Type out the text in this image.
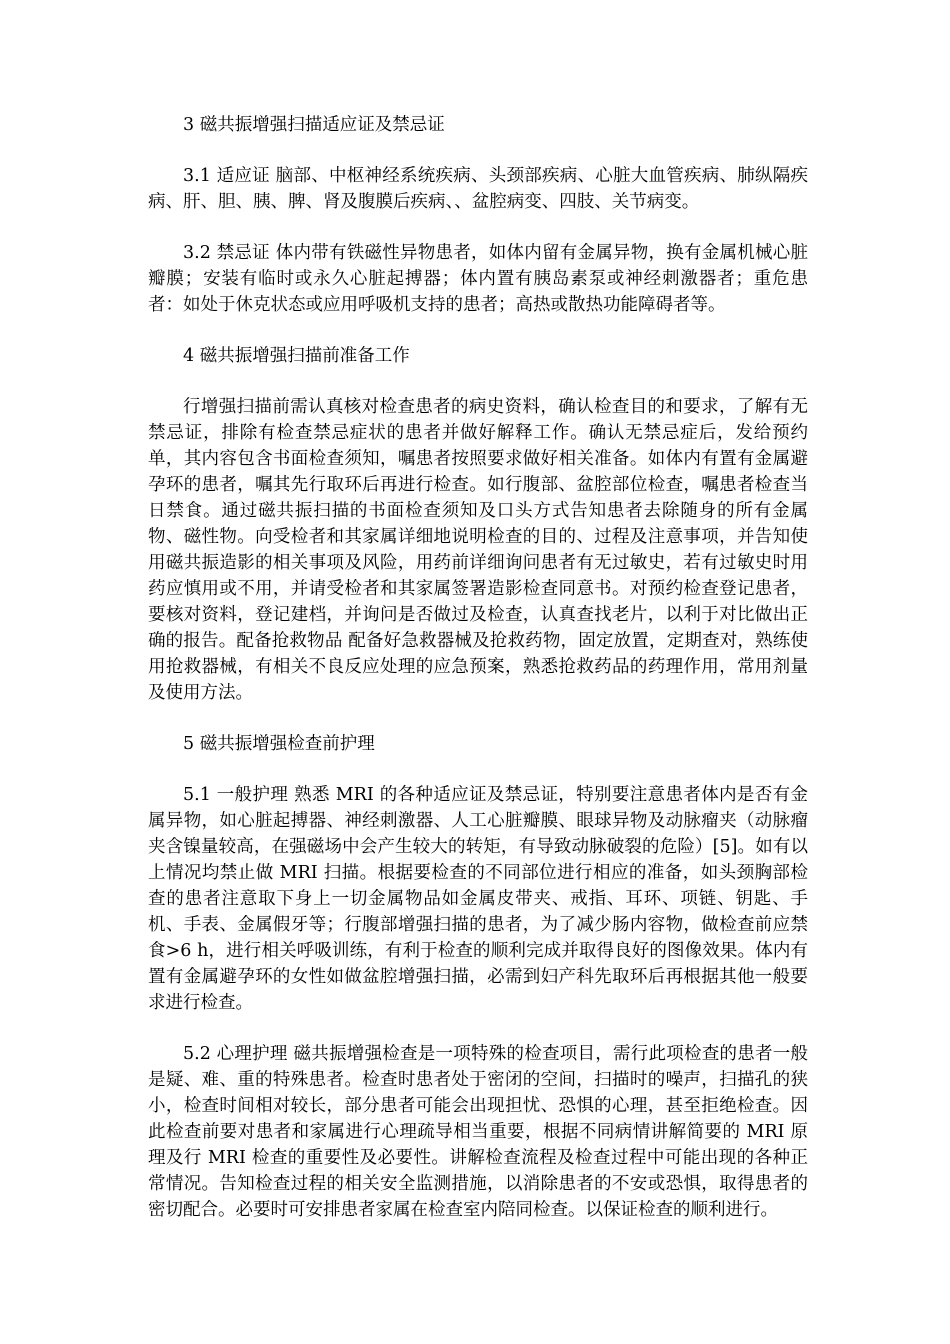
3 磁共振增强扫描适应证及禁忌证
3.1 适应证 脑部、中枢神经系统疾病、头颈部疾病、心脏大血管疾病、肺纵隔疾病、肝、胆、胰、脾、肾及腹膜后疾病、、盆腔病变、四肢、关节病变。
3.2 禁忌证 体内带有铁磁性异物患者，如体内留有金属异物，换有金属机械心脏瓣膜；安装有临时或永久心脏起搏器；体内置有胰岛素泵或神经刺激器者；重危患者：如处于休克状态或应用呼吸机支持的患者；高热或散热功能障碍者等。
4 磁共振增强扫描前准备工作
行增强扫描前需认真核对检查患者的病史资料，确认检查目的和要求，了解有无禁忌证，排除有检查禁忌症状的患者并做好解释工作。确认无禁忌症后，发给预约单，其内容包含书面检查须知，嘱患者按照要求做好相关准备。如体内有置有金属避孕环的患者，嘱其先行取环后再进行检查。如行腹部、盆腔部位检查，嘱患者检查当日禁食。通过磁共振扫描的书面检查须知及口头方式告知患者去除随身的所有金属物、磁性物。向受检者和其家属详细地说明检查的目的、过程及注意事项，并告知使用磁共振造影的相关事项及风险，用药前详细询问患者有无过敏史，若有过敏史时用药应慎用或不用，并请受检者和其家属签署造影检查同意书。对预约检查登记患者，要核对资料，登记建档，并询问是否做过及检查，认真查找老片，以利于对比做出正确的报告。配备抢救物品 配备好急救器械及抢救药物，固定放置，定期查对，熟练使用抢救器械，有相关不良反应处理的应急预案，熟悉抢救药品的药理作用，常用剂量及使用方法。
5 磁共振增强检查前护理
5.1 一般护理 熟悉 MRI 的各种适应证及禁忌证，特别要注意患者体内是否有金属异物，如心脏起搏器、神经刺激器、人工心脏瓣膜、眼球异物及动脉瘤夹（动脉瘤夹含镍量较高，在强磁场中会产生较大的转矩，有导致动脉破裂的危险）[5]。如有以上情况均禁止做 MRI 扫描。根据要检查的不同部位进行相应的准备，如头颈胸部检查的患者注意取下身上一切金属物品如金属皮带夹、戒指、耳环、项链、钥匙、手机、手表、金属假牙等；行腹部增强扫描的患者，为了减少肠内容物，做检查前应禁食>6 h，进行相关呼吸训练，有利于检查的顺利完成并取得良好的图像效果。体内有置有金属避孕环的女性如做盆腔增强扫描，必需到妇产科先取环后再根据其他一般要求进行检查。
5.2 心理护理 磁共振增强检查是一项特殊的检查项目，需行此项检查的患者一般是疑、难、重的特殊患者。检查时患者处于密闭的空间，扫描时的噪声，扫描孔的狭小，检查时间相对较长，部分患者可能会出现担忧、恐惧的心理，甚至拒绝检查。因此检查前要对患者和家属进行心理疏导相当重要，根据不同病情讲解简要的 MRI 原理及行 MRI 检查的重要性及必要性。讲解检查流程及检查过程中可能出现的各种正常情况。告知检查过程的相关安全监测措施，以消除患者的不安或恐惧，取得患者的密切配合。必要时可安排患者家属在检查室内陪同检查。以保证检查的顺利进行。
